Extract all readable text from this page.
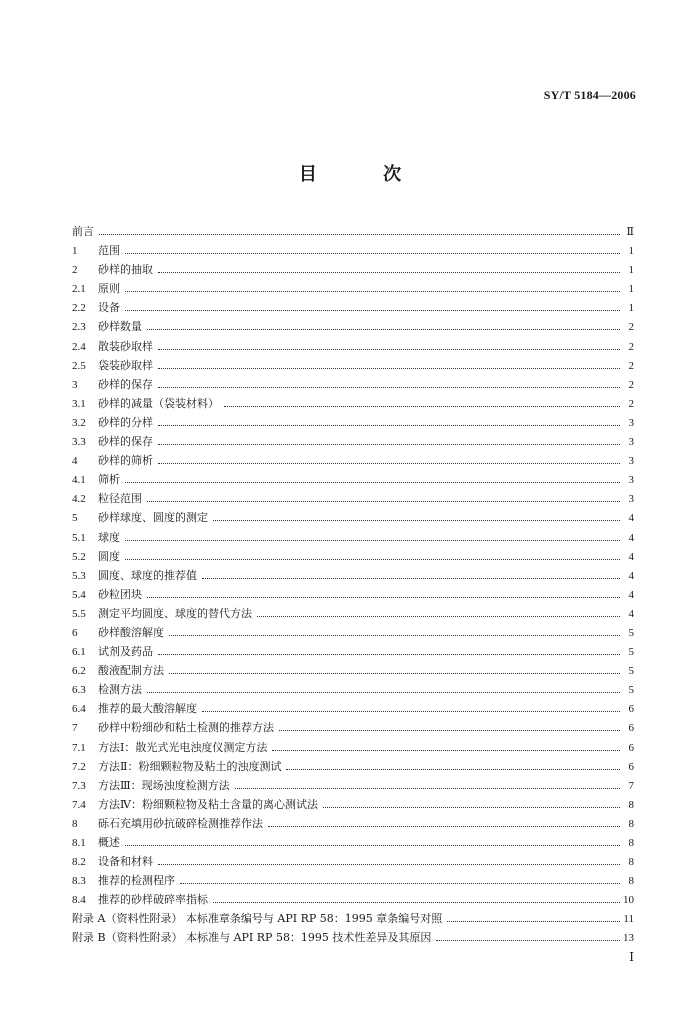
SY/T 5184—2006
目 次
前言	Ⅱ
1	范围	1
2	砂样的抽取	1
2.1	原则	1
2.2	设备	1
2.3	砂样数量	2
2.4	散装砂取样	2
2.5	袋装砂取样	2
3	砂样的保存	2
3.1	砂样的减量（袋装材料）	2
3.2	砂样的分样	3
3.3	砂样的保存	3
4	砂样的筛析	3
4.1	筛析	3
4.2	粒径范围	3
5	砂样球度、圆度的测定	4
5.1	球度	4
5.2	圆度	4
5.3	圆度、球度的推荐值	4
5.4	砂粒团块	4
5.5	测定平均圆度、球度的替代方法	4
6	砂样酸溶解度	5
6.1	试剂及药品	5
6.2	酸液配制方法	5
6.3	检测方法	5
6.4	推荐的最大酸溶解度	6
7	砂样中粉细砂和粘土检测的推荐方法	6
7.1	方法Ⅰ：散光式光电浊度仪测定方法	6
7.2	方法Ⅱ：粉细颗粒物及粘土的浊度测试	6
7.3	方法Ⅲ：现场浊度检测方法	7
7.4	方法Ⅳ：粉细颗粒物及粘土含量的离心测试法	8
8	砾石充填用砂抗破碎检测推荐作法	8
8.1	概述	8
8.2	设备和材料	8
8.3	推荐的检测程序	8
8.4	推荐的砂样破碎率指标	10
附录 A（资料性附录） 本标准章条编号与 API RP 58：1995 章条编号对照	11
附录 B（资料性附录） 本标准与 API RP 58：1995 技术性差异及其原因	13
Ⅰ
